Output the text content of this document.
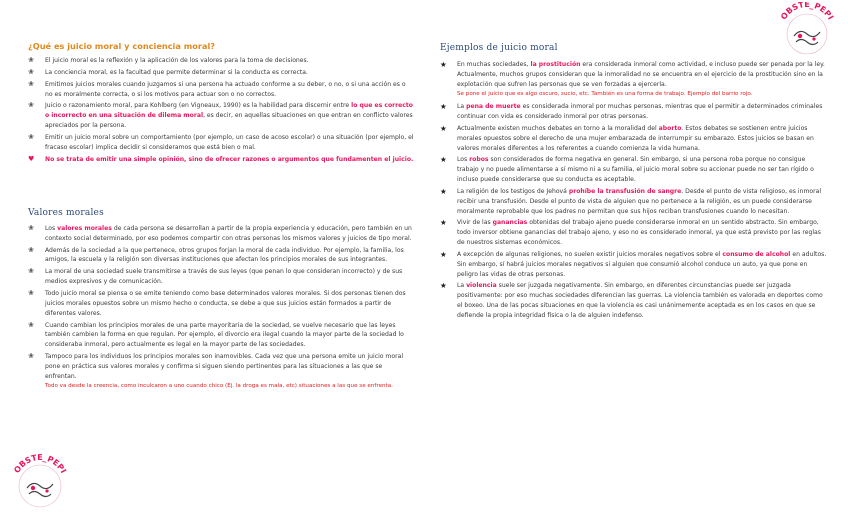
¿Qué es juicio moral y conciencia moral?
❀ El juicio moral es la reflexión y la aplicación de los valores para la toma de decisiones.
❀ La conciencia moral, es la facultad que permite determinar si la conducta es correcta.
❀ Emitimos juicios morales cuando juzgamos si una persona ha actuado conforme a su deber, o no, o si una acción es o no es moralmente correcta, o si los motivos para actuar son o no correctos.
❀ Juicio o razonamiento moral, para Kohlberg (en Vigneaux, 1990) es la habilidad para discernir entre lo que es correcto o incorrecto en una situación de dilema moral, es decir, en aquellas situaciones en que entran en conflicto valores apreciados por la persona.
❀ Emitir un juicio moral sobre un comportamiento (por ejemplo, un caso de acoso escolar) o una situación (por ejemplo, el fracaso escolar) implica decidir si consideramos que está bien o mal.
♥ No se trata de emitir una simple opinión, sino de ofrecer razones o argumentos que fundamenten el juicio.
Valores morales
❀ Los valores morales de cada persona se desarrollan a partir de la propia experiencia y educación, pero también en un contexto social determinado, por eso podemos compartir con otras personas los mismos valores y juicios de tipo moral.
❀ Además de la sociedad a la que pertenece, otros grupos forjan la moral de cada individuo. Por ejemplo, la familia, los amigos, la escuela y la religión son diversas instituciones que afectan los principios morales de sus integrantes.
❀ La moral de una sociedad suele transmitirse a través de sus leyes (que penan lo que consideran incorrecto) y de sus medios expresivos y de comunicación.
❀ Todo juicio moral se piensa o se emite teniendo como base determinados valores morales. Si dos personas tienen dos juicios morales opuestos sobre un mismo hecho o conducta, se debe a que sus juicios están formados a partir de diferentes valores.
❀ Cuando cambian los principios morales de una parte mayoritaria de la sociedad, se vuelve necesario que las leyes también cambien la forma en que regulan. Por ejemplo, el divorcio era ilegal cuando la mayor parte de la sociedad lo consideraba inmoral, pero actualmente es legal en la mayor parte de las sociedades.
❀ Tampoco para los individuos los principios morales son inamovibles. Cada vez que una persona emite un juicio moral pone en práctica sus valores morales y confirma si siguen siendo pertinentes para las situaciones a las que se enfrentan.
Todo va desde la creencia, como inculcaron a uno cuando chico (Ej. la droga es mala, etc) situaciones a las que se enfrenta.
Ejemplos de juicio moral
★ En muchas sociedades, la prostitución era considerada inmoral como actividad, e incluso puede ser penada por la ley. Actualmente, muchos grupos consideran que la inmoralidad no se encuentra en el ejercicio de la prostitución sino en la explotación que sufren las personas que se ven forzadas a ejercerla.
Se pone el juicio que es algo oscuro, sucio, etc. También es una forma de trabajo. Ejemplo del barrio rojo.
★ La pena de muerte es considerada inmoral por muchas personas, mientras que el permitir a determinados criminales continuar con vida es considerado inmoral por otras personas.
★ Actualmente existen muchos debates en torno a la moralidad del aborto. Estos debates se sostienen entre juicios morales opuestos sobre el derecho de una mujer embarazada de interrumpir su embarazo. Estos juicios se basan en valores morales diferentes a los referentes a cuando comienza la vida humana.
★ Los robos son considerados de forma negativa en general. Sin embargo, si una persona roba porque no consigue trabajo y no puede alimentarse a sí mismo ni a su familia, el juicio moral sobre su accionar puede no ser tan rígido o incluso puede considerarse que su conducta es aceptable.
★ La religión de los testigos de Jehová prohíbe la transfusión de sangre. Desde el punto de vista religioso, es inmoral recibir una transfusión. Desde el punto de vista de alguien que no pertenece a la religión, es un puede considerarse moralmente reprobable que los padres no permitan que sus hijos reciban transfusiones cuando lo necesitan.
★ Vivir de las ganancias obtenidas del trabajo ajeno puede considerarse inmoral en un sentido abstracto. Sin embargo, todo inversor obtiene ganancias del trabajo ajeno, y eso no es considerado inmoral, ya que está previsto por las reglas de nuestros sistemas económicos.
★ A excepción de algunas religiones, no suelen existir juicios morales negativos sobre el consumo de alcohol en adultos. Sin embargo, sí habrá juicios morales negativos si alguien que consumió alcohol conduce un auto, ya que pone en peligro las vidas de otras personas.
★ La violencia suele ser juzgada negativamente. Sin embargo, en diferentes circunstancias puede ser juzgada positivamente: por eso muchas sociedades diferencian las guerras. La violencia también es valorada en deportes como el boxeo. Una de las pocas situaciones en que la violencia es casi unánimemente aceptada es en los casos en que se defiende la propia integridad física o la de alguien indefenso.
OBSTE_PEPI
OBSTE_PEPI
